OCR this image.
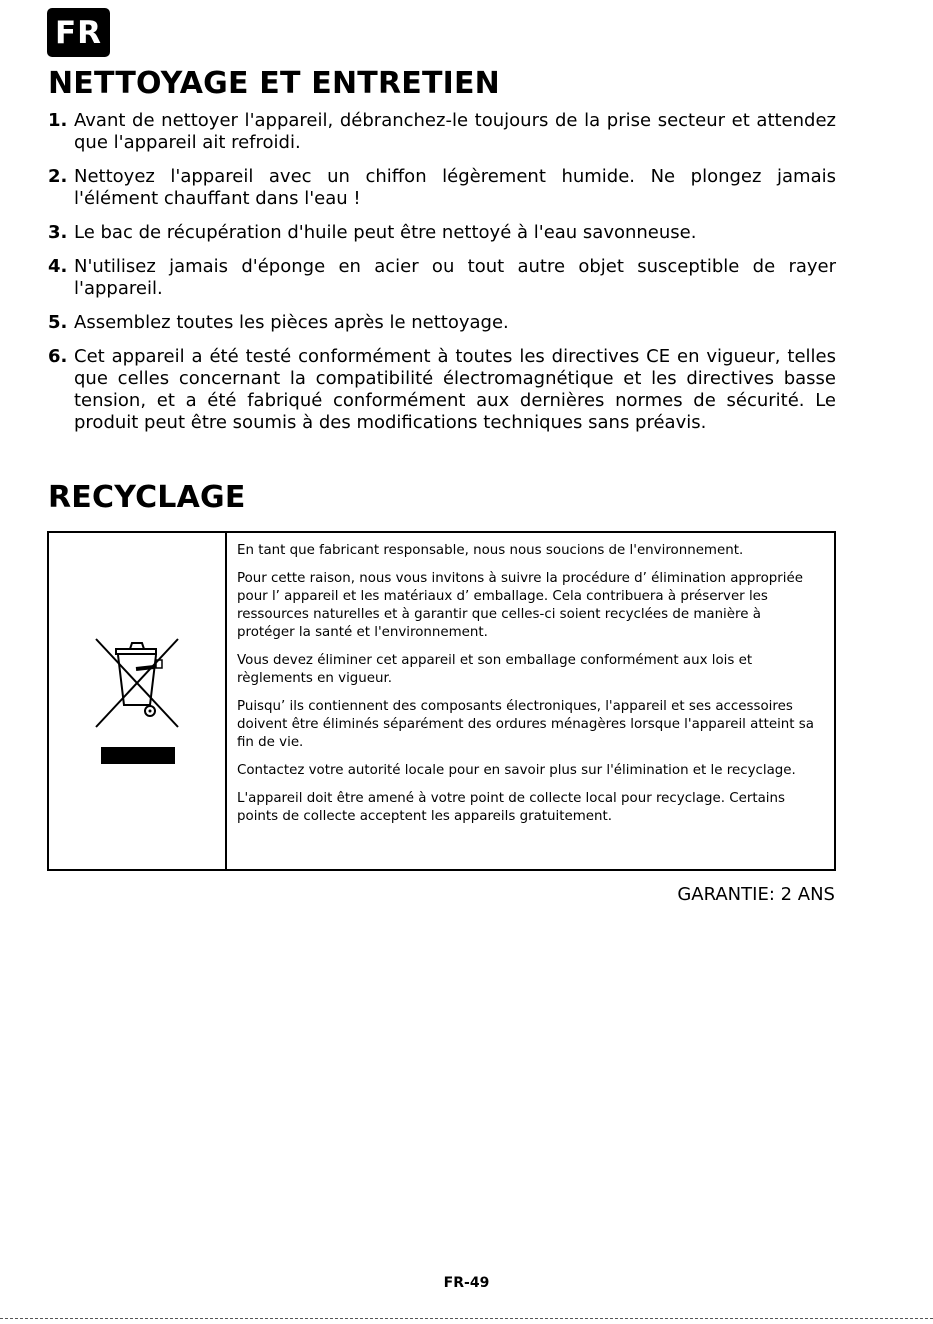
FR
NETTOYAGE ET ENTRETIEN
1. Avant de nettoyer l'appareil, débranchez-le toujours de la prise secteur et attendez que l'appareil ait refroidi.
2. Nettoyez l'appareil avec un chiffon légèrement humide. Ne plongez jamais l'élément chauffant dans l'eau !
3. Le bac de récupération d'huile peut être nettoyé à l'eau savonneuse.
4. N'utilisez jamais d'éponge en acier ou tout autre objet susceptible de rayer l'appareil.
5. Assemblez toutes les pièces après le nettoyage.
6. Cet appareil a été testé conformément à toutes les directives CE en vigueur, telles que celles concernant la compatibilité électromagnétique et les directives basse tension, et a été fabriqué conformément aux dernières normes de sécurité. Le produit peut être soumis à des modifications techniques sans préavis.
RECYCLAGE

En tant que fabricant responsable, nous nous soucions de l'environnement.

Pour cette raison, nous vous invitons à suivre la procédure d’ élimination appropriée pour l’ appareil et les matériaux d’ emballage. Cela contribuera à préserver les ressources naturelles et à garantir que celles-ci soient recyclées de manière à protéger la santé et l'environnement.

Vous devez éliminer cet appareil et son emballage conformément aux lois et règlements en vigueur.

Puisqu’ ils contiennent des composants électroniques, l'appareil et ses accessoires doivent être éliminés séparément des ordures ménagères lorsque l'appareil atteint sa fin de vie.

Contactez votre autorité locale pour en savoir plus sur l'élimination et le recyclage.

L'appareil doit être amené à votre point de collecte local pour recyclage. Certains points de collecte acceptent les appareils gratuitement.

GARANTIE: 2 ANS
FR-49
